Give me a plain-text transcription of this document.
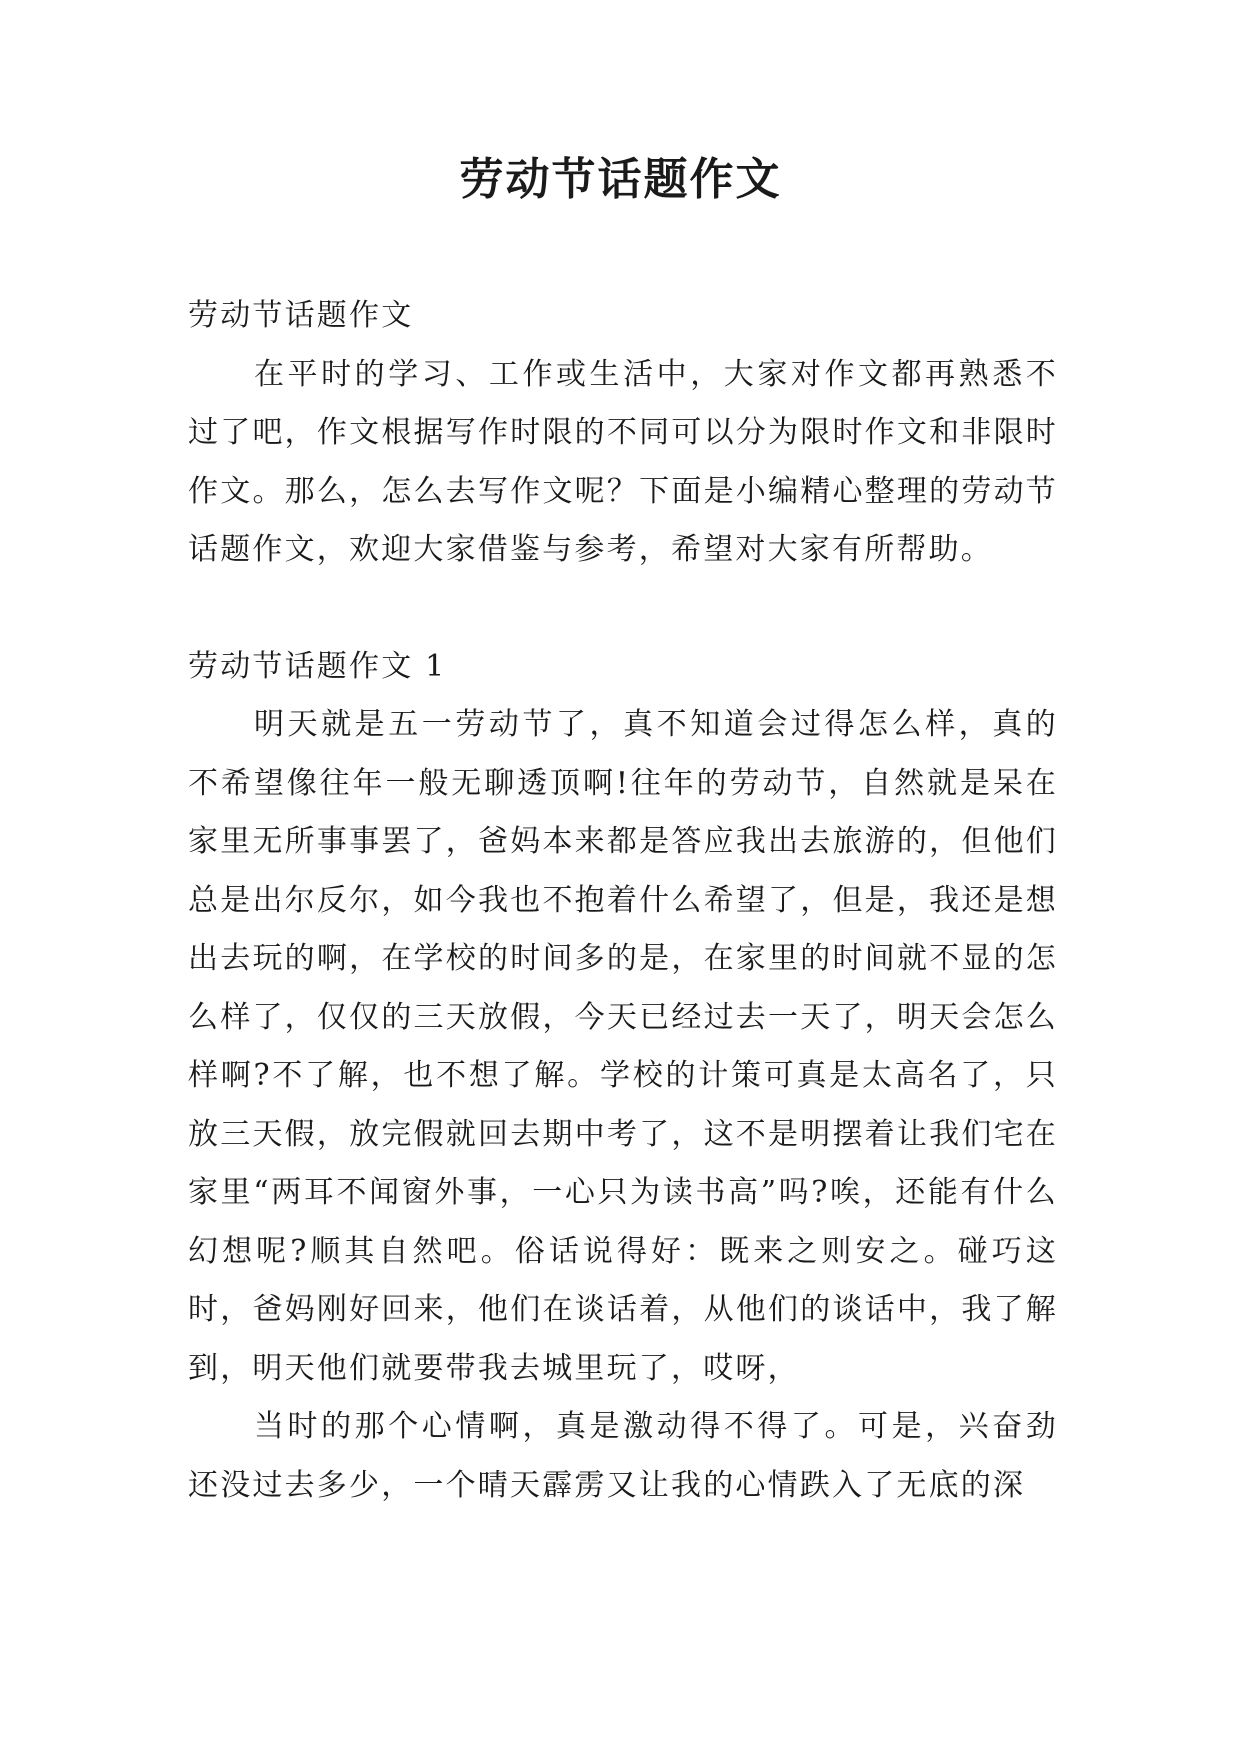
劳动节话题作文

劳动节话题作文

在平时的学习、工作或生活中，大家对作文都再熟悉不过了吧，作文根据写作时限的不同可以分为限时作文和非限时作文。那么，怎么去写作文呢？下面是小编精心整理的劳动节话题作文，欢迎大家借鉴与参考，希望对大家有所帮助。

劳动节话题作文 1

明天就是五一劳动节了，真不知道会过得怎么样，真的不希望像往年一般无聊透顶啊!往年的劳动节，自然就是呆在家里无所事事罢了，爸妈本来都是答应我出去旅游的，但他们总是出尔反尔，如今我也不抱着什么希望了，但是，我还是想出去玩的啊，在学校的时间多的是，在家里的时间就不显的怎么样了，仅仅的三天放假，今天已经过去一天了，明天会怎么样啊?不了解，也不想了解。学校的计策可真是太高名了，只放三天假，放完假就回去期中考了，这不是明摆着让我们宅在家里“两耳不闻窗外事，一心只为读书高”吗?唉，还能有什么幻想呢?顺其自然吧。俗话说得好：既来之则安之。碰巧这时，爸妈刚好回来，他们在谈话着，从他们的谈话中，我了解到，明天他们就要带我去城里玩了，哎呀，

当时的那个心情啊，真是激动得不得了。可是，兴奋劲还没过去多少，一个晴天霹雳又让我的心情跌入了无底的深
